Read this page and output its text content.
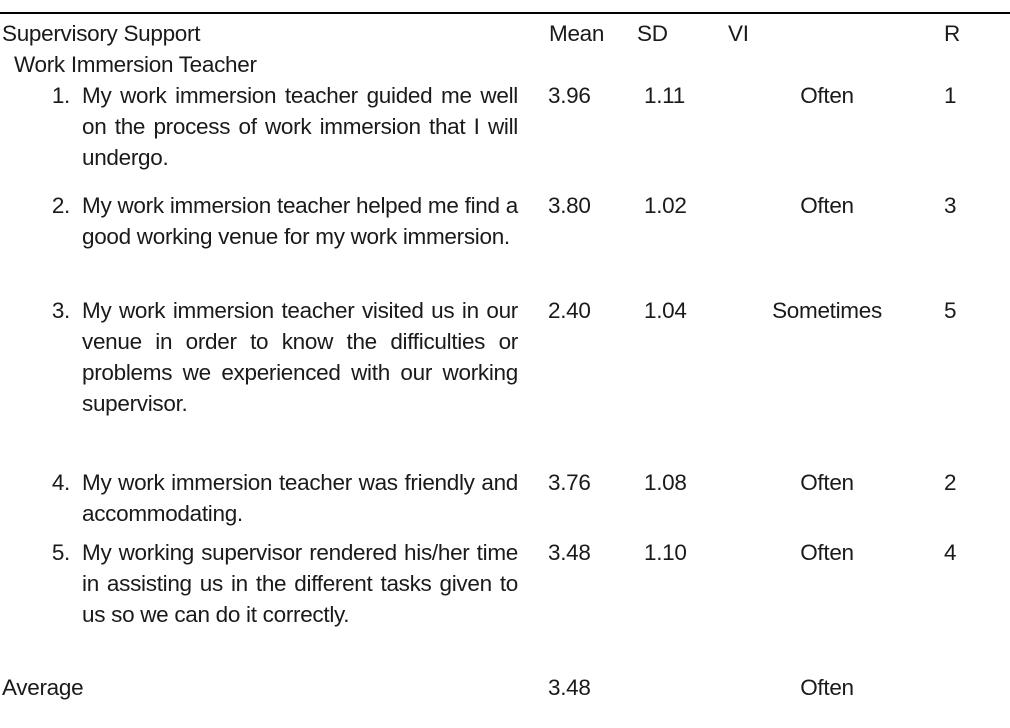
Supervisory Support	Mean SD	VI	R
Work Immersion Teacher
1. My work immersion teacher guided me well on the process of work immersion that I will undergo.
3.96 1.11	Often	1
2. My work immersion teacher helped me find a good working venue for my work immersion.
3.80 1.02	Often	3
3. My work immersion teacher visited us in our venue in order to know the difficulties or problems we experienced with our working supervisor.
2.40 1.04	Sometimes	5
4. My work immersion teacher was friendly and accommodating.
3.76 1.08	Often	2
5. My working supervisor rendered his/her time in assisting us in the different tasks given to us so we can do it correctly.
3.48 1.10	Often	4
Average	3.48	Often
